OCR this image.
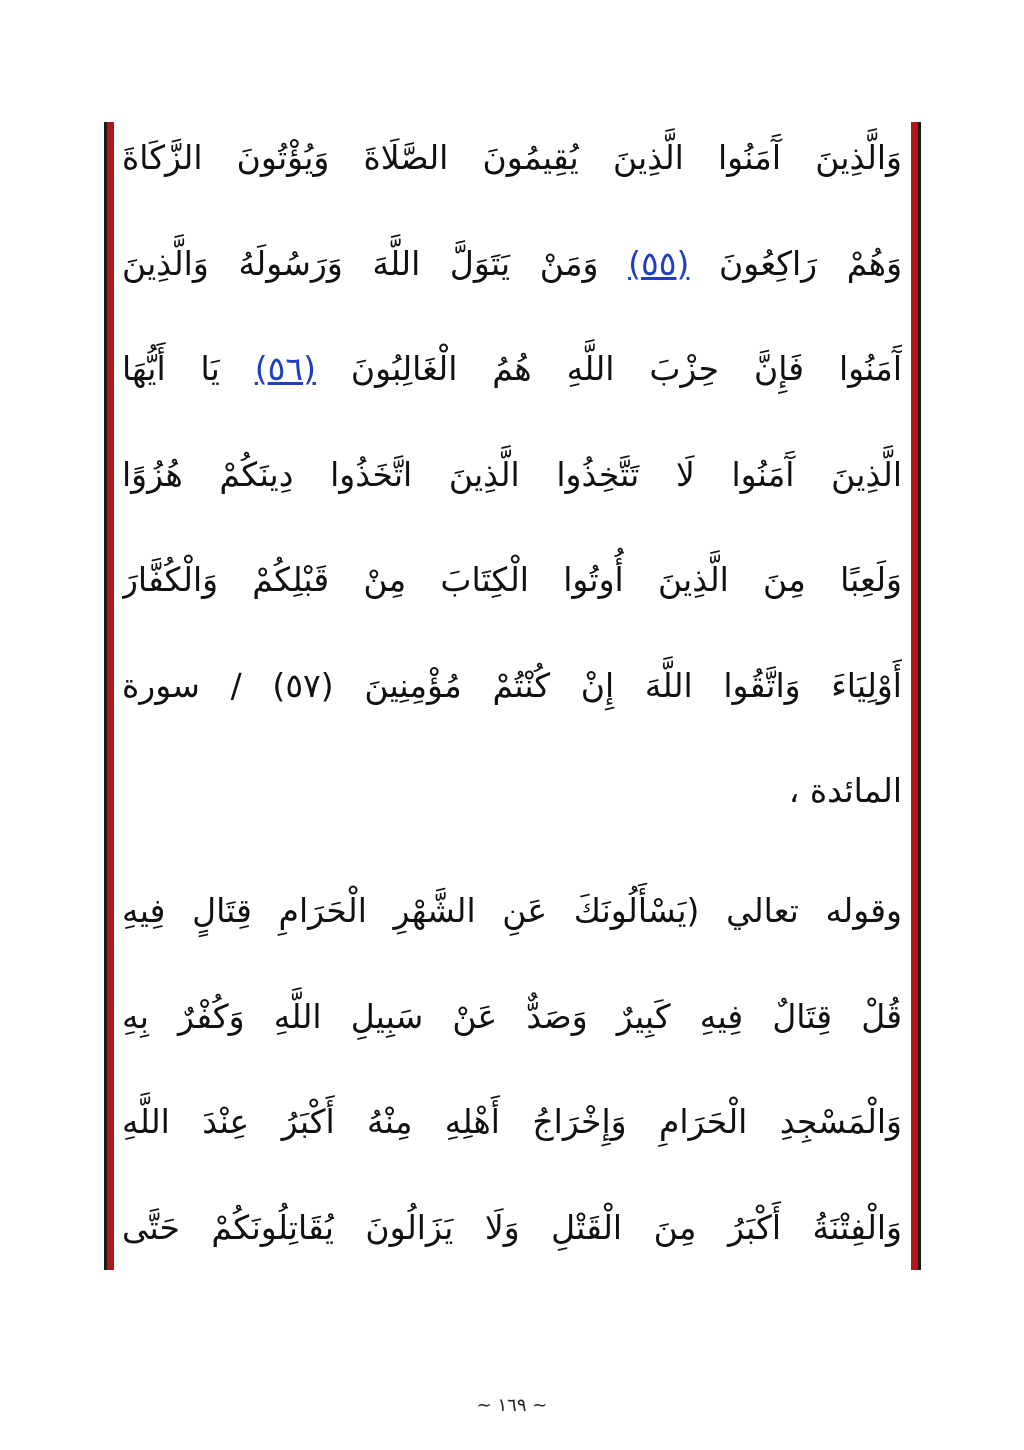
وَالَّذِينَ آَمَنُوا الَّذِينَ يُقِيمُونَ الصَّلَاةَ وَيُؤْتُونَ الزَّكَاةَ
وَهُمْ رَاكِعُونَ (٥٥) وَمَنْ يَتَوَلَّ اللَّهَ وَرَسُولَهُ وَالَّذِينَ
آَمَنُوا فَإِنَّ حِزْبَ اللَّهِ هُمُ الْغَالِبُونَ (٥٦) يَا أَيُّهَا
الَّذِينَ آَمَنُوا لَا تَتَّخِذُوا الَّذِينَ اتَّخَذُوا دِينَكُمْ هُزُوًا
وَلَعِبًا مِنَ الَّذِينَ أُوتُوا الْكِتَابَ مِنْ قَبْلِكُمْ وَالْكُفَّارَ
أَوْلِيَاءَ وَاتَّقُوا اللَّهَ إِنْ كُنْتُمْ مُؤْمِنِينَ (٥٧) / سورة
المائدة ،
وقوله تعالي (يَسْأَلُونَكَ عَنِ الشَّهْرِ الْحَرَامِ قِتَالٍ فِيهِ
قُلْ قِتَالٌ فِيهِ كَبِيرٌ وَصَدٌّ عَنْ سَبِيلِ اللَّهِ وَكُفْرٌ بِهِ
وَالْمَسْجِدِ الْحَرَامِ وَإِخْرَاجُ أَهْلِهِ مِنْهُ أَكْبَرُ عِنْدَ اللَّهِ
وَالْفِتْنَةُ أَكْبَرُ مِنَ الْقَتْلِ وَلَا يَزَالُونَ يُقَاتِلُونَكُمْ حَتَّى
~ ١٦٩ ~
